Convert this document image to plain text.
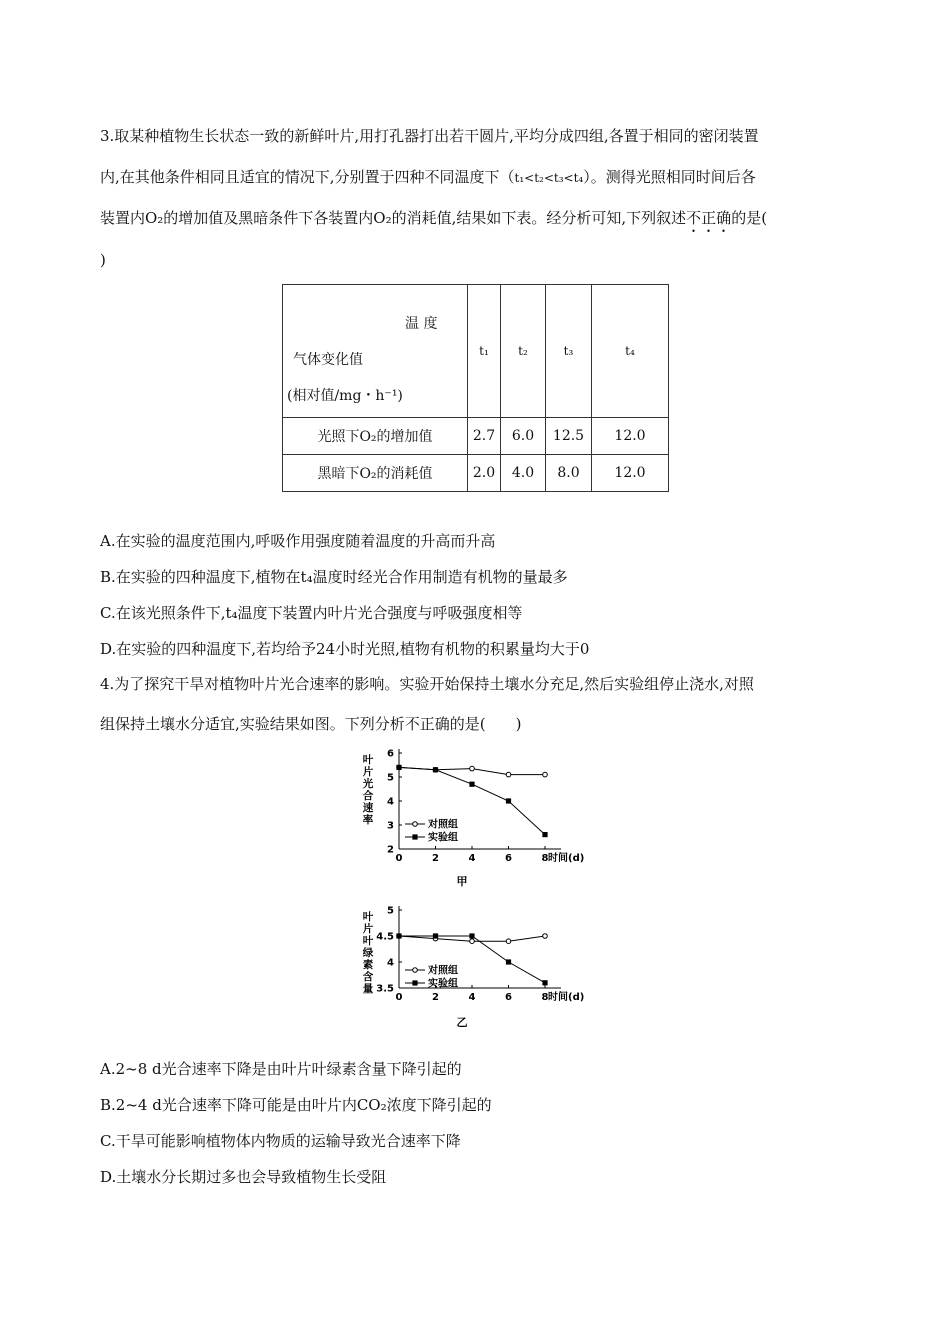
3.取某种植物生长状态一致的新鲜叶片,用打孔器打出若干圆片,平均分成四组,各置于相同的密闭装置
内,在其他条件相同且适宜的情况下,分别置于四种不同温度下（t₁<t₂<t₃<t₄）。测得光照相同时间后各
装置内O₂的增加值及黑暗条件下各装置内O₂的消耗值,结果如下表。经分析可知,下列叙述不正确的是(
)
温 度
气体变化值
(相对值/mg・h⁻¹)	t₁	t₂	t₃	t₄
光照下O₂的增加值	2.7	6.0	12.5	12.0
黑暗下O₂的消耗值	2.0	4.0	8.0	12.0
A.在实验的温度范围内,呼吸作用强度随着温度的升高而升高
B.在实验的四种温度下,植物在t₄温度时经光合作用制造有机物的量最多
C.在该光照条件下,t₄温度下装置内叶片光合强度与呼吸强度相等
D.在实验的四种温度下,若均给予24小时光照,植物有机物的积累量均大于0
4.为了探究干旱对植物叶片光合速率的影响。实验开始保持土壤水分充足,然后实验组停止浇水,对照
组保持土壤水分适宜,实验结果如图。下列分析不正确的是(　　)
2
3
4
5
6
0	2	4	6	8 时间(d)
叶
片
光
合
速
率	对照组
实验组
甲
3.5
4
4.5
5
0	2	4	6	8 时间(d)
叶
片
叶
绿
素
含
量
对照组
实验组
乙
A.2~8 d光合速率下降是由叶片叶绿素含量下降引起的
B.2~4 d光合速率下降可能是由叶片内CO₂浓度下降引起的
C.干旱可能影响植物体内物质的运输导致光合速率下降
D.土壤水分长期过多也会导致植物生长受阻
